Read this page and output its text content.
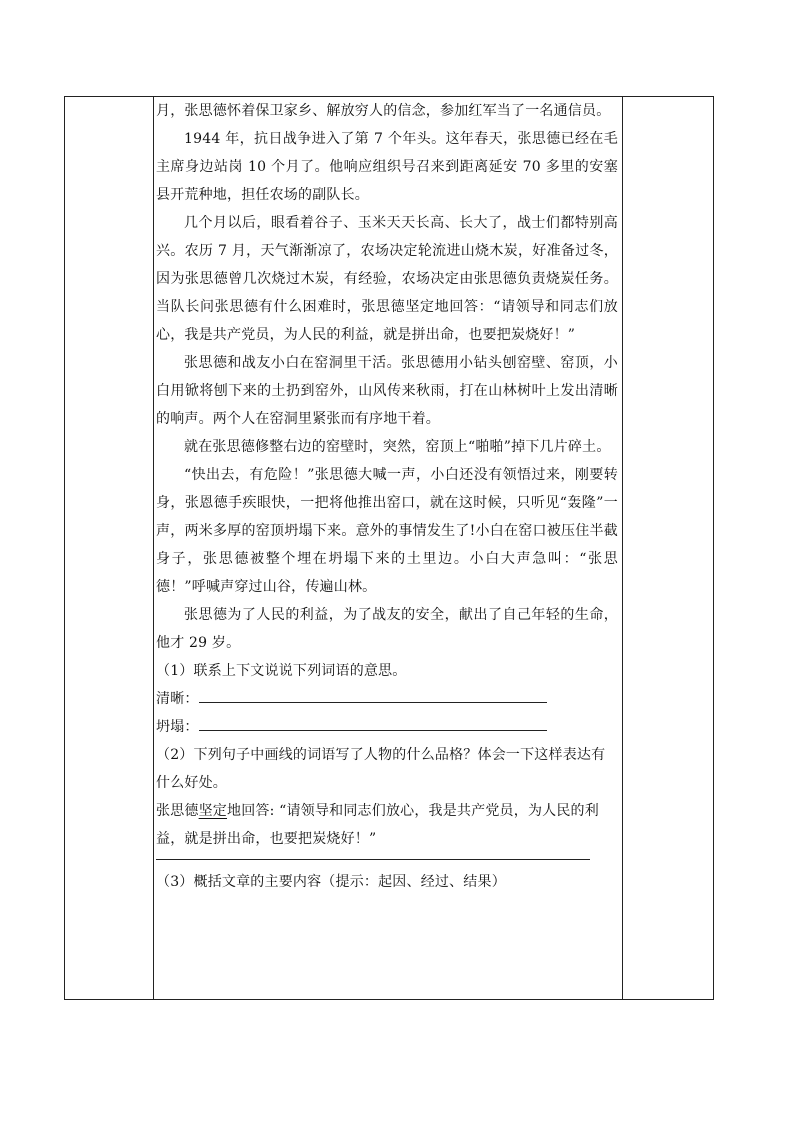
月，张思德怀着保卫家乡、解放穷人的信念，参加红军当了一名通信员。

1944 年，抗日战争进入了第 7 个年头。这年春天，张思德已经在毛主席身边站岗 10 个月了。他响应组织号召来到距离延安 70 多里的安塞县开荒种地，担任农场的副队长。

几个月以后，眼看着谷子、玉米天天长高、长大了，战士们都特别高兴。农历 7 月，天气渐渐凉了，农场决定轮流进山烧木炭，好准备过冬，因为张思德曾几次烧过木炭，有经验，农场决定由张思德负责烧炭任务。当队长问张思德有什么困难时，张思德坚定地回答：“请领导和同志们放心，我是共产党员，为人民的利益，就是拼出命，也要把炭烧好！”

张思德和战友小白在窑洞里干活。张思德用小钻头刨窑壁、窑顶，小白用锨将刨下来的土扔到窑外，山风传来秋雨，打在山林树叶上发出清晰的响声。两个人在窑洞里紧张而有序地干着。

就在张思德修整右边的窑壁时，突然，窑顶上“啪啪”掉下几片碎土。

“快出去，有危险！”张思德大喊一声，小白还没有领悟过来，刚要转身，张恩德手疾眼快，一把将他推出窑口，就在这时候，只听见“轰隆”一声，两米多厚的窑顶坍塌下来。意外的事情发生了!小白在窑口被压住半截身子，张思德被整个埋在坍塌下来的土里边。小白大声急叫：“张思德！”呼喊声穿过山谷，传遍山林。

张思德为了人民的利益，为了战友的安全，献出了自己年轻的生命，他才 29 岁。

（1）联系上下文说说下列词语的意思。

清晰：

坍塌：

（2）下列句子中画线的词语写了人物的什么品格？体会一下这样表达有什么好处。

张思德坚定地回答: “请领导和同志们放心，我是共产党员，为人民的利益，就是拼出命，也要把炭烧好！”

（3）概括文章的主要内容（提示：起因、经过、结果）
